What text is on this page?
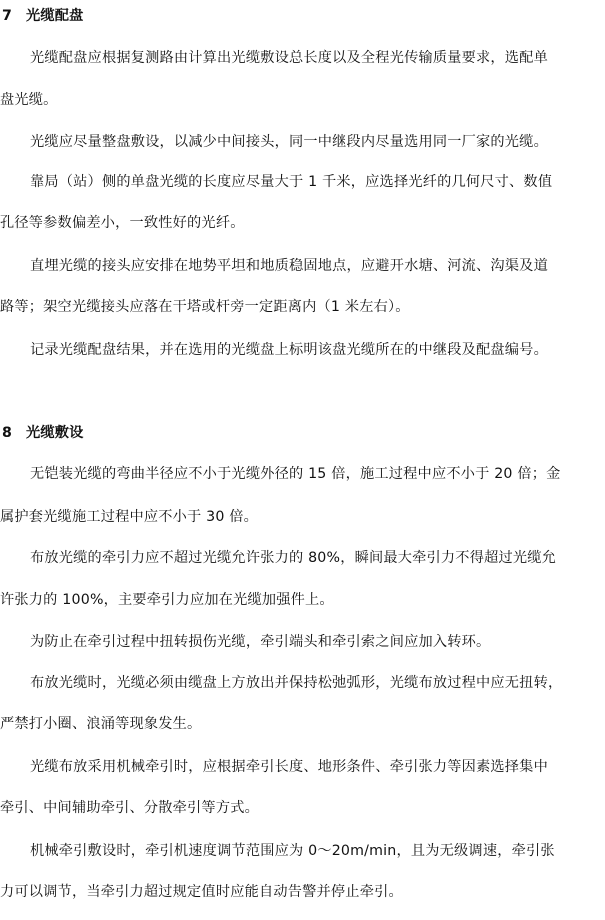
7 光缆配盘
光缆配盘应根据复测路由计算出光缆敷设总长度以及全程光传输质量要求，选配单
盘光缆。
光缆应尽量整盘敷设，以减少中间接头，同一中继段内尽量选用同一厂家的光缆。
靠局（站）侧的单盘光缆的长度应尽量大于 1 千米，应选择光纤的几何尺寸、数值
孔径等参数偏差小，一致性好的光纤。
直埋光缆的接头应安排在地势平坦和地质稳固地点，应避开水塘、河流、沟渠及道
路等；架空光缆接头应落在干塔或杆旁一定距离内（1 米左右）。
记录光缆配盘结果，并在选用的光缆盘上标明该盘光缆所在的中继段及配盘编号。
8 光缆敷设
无铠装光缆的弯曲半径应不小于光缆外径的 15 倍，施工过程中应不小于 20 倍；金
属护套光缆施工过程中应不小于 30 倍。
布放光缆的牵引力应不超过光缆允许张力的 80%，瞬间最大牵引力不得超过光缆允
许张力的 100%，主要牵引力应加在光缆加强件上。
为防止在牵引过程中扭转损伤光缆，牵引端头和牵引索之间应加入转环。
布放光缆时，光缆必须由缆盘上方放出并保持松弛弧形，光缆布放过程中应无扭转，
严禁打小圈、浪涌等现象发生。
光缆布放采用机械牵引时，应根据牵引长度、地形条件、牵引张力等因素选择集中
牵引、中间辅助牵引、分散牵引等方式。
机械牵引敷设时，牵引机速度调节范围应为 0～20m/min，且为无级调速，牵引张
力可以调节，当牵引力超过规定值时应能自动告警并停止牵引。
